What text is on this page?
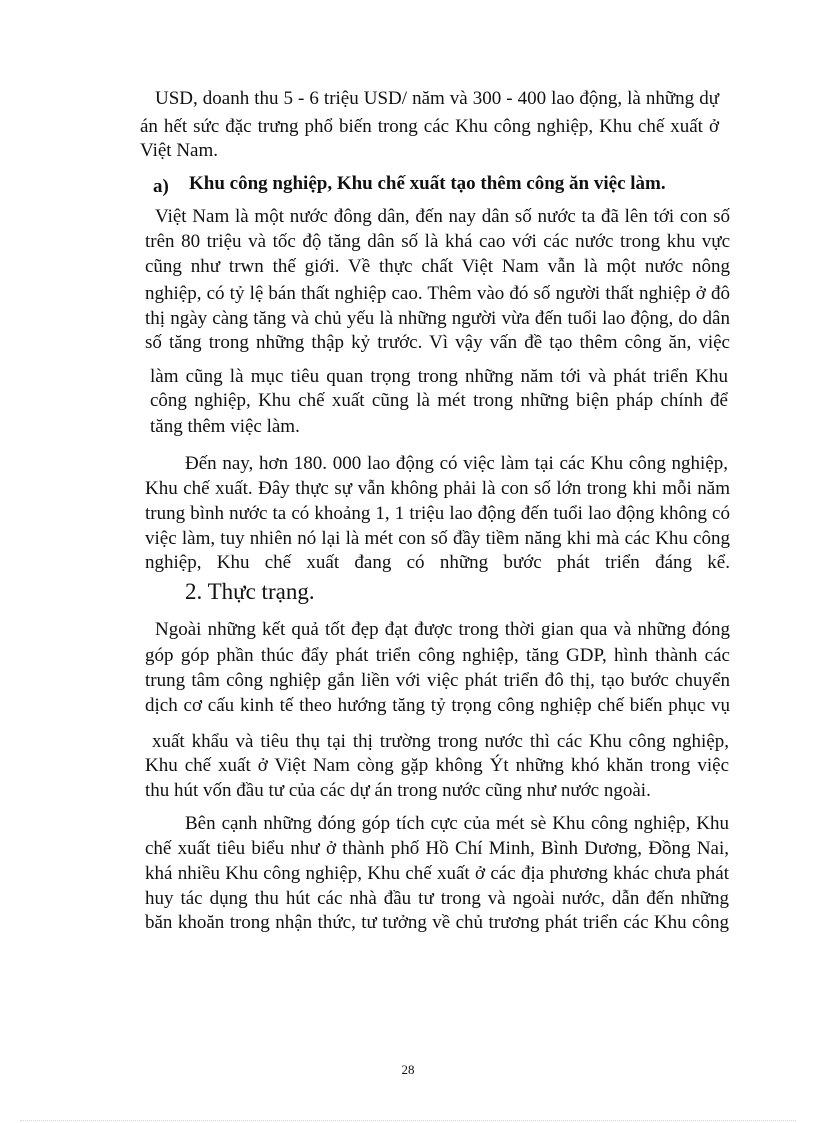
USD, doanh thu 5 - 6 triệu USD/ năm và 300 - 400 lao động, là những dự
án hết sức đặc trưng phổ biến trong các Khu công nghiệp, Khu chế xuất ở
Việt Nam.
a) Khu công nghiệp, Khu chế xuất tạo thêm công ăn việc làm.
Việt Nam là một nước đông dân, đến nay dân số nước ta đã lên tới con số
trên 80 triệu và tốc độ tăng dân số là khá cao với các nước trong khu vực
cũng như trwn thế giới. Về thực chất Việt Nam vẫn là một nước nông
nghiệp, có tỷ lệ bán thất nghiệp cao. Thêm vào đó số người thất nghiệp ở đô
thị ngày càng tăng và chủ yếu là những người vừa đến tuổi lao động, do dân
số tăng trong những thập kỷ trước. Vì vậy vấn đề tạo thêm công ăn, việc
làm cũng là mục tiêu quan trọng trong những năm tới và phát triển Khu
công nghiệp, Khu chế xuất cũng là mét trong những biện pháp chính để
tăng thêm việc làm.
Đến nay, hơn 180. 000 lao động có việc làm tại các Khu công nghiệp,
Khu chế xuất. Đây thực sự vẫn không phải là con số lớn trong khi mỗi năm
trung bình nước ta có khoảng 1, 1 triệu lao động đến tuổi lao động không có
việc làm, tuy nhiên nó lại là mét con số đầy tiềm năng khi mà các Khu công
nghiệp, Khu chế xuất đang có những bước phát triển đáng kể.
2. Thực trạng.
Ngoài những kết quả tốt đẹp đạt được trong thời gian qua và những đóng
góp góp phần thúc đẩy phát triển công nghiệp, tăng GDP, hình thành các
trung tâm công nghiệp gắn liền với việc phát triển đô thị, tạo bước chuyển
dịch cơ cấu kinh tế theo hướng tăng tỷ trọng công nghiệp chế biến phục vụ
xuất khẩu và tiêu thụ tại thị trường trong nước thì các Khu công nghiệp,
Khu chế xuất ở Việt Nam còng gặp không Ýt những khó khăn trong việc
thu hút vốn đầu tư của các dự án trong nước cũng như nước ngoài.
Bên cạnh những đóng góp tích cực của mét sè Khu công nghiệp, Khu
chế xuất tiêu biểu như ở thành phố Hồ Chí Minh, Bình Dương, Đồng Nai,
khá nhiều Khu công nghiệp, Khu chế xuất ở các địa phương khác chưa phát
huy tác dụng thu hút các nhà đầu tư trong và ngoài nước, dẫn đến những
băn khoăn trong nhận thức, tư tưởng về chủ trương phát triển các Khu công
28
